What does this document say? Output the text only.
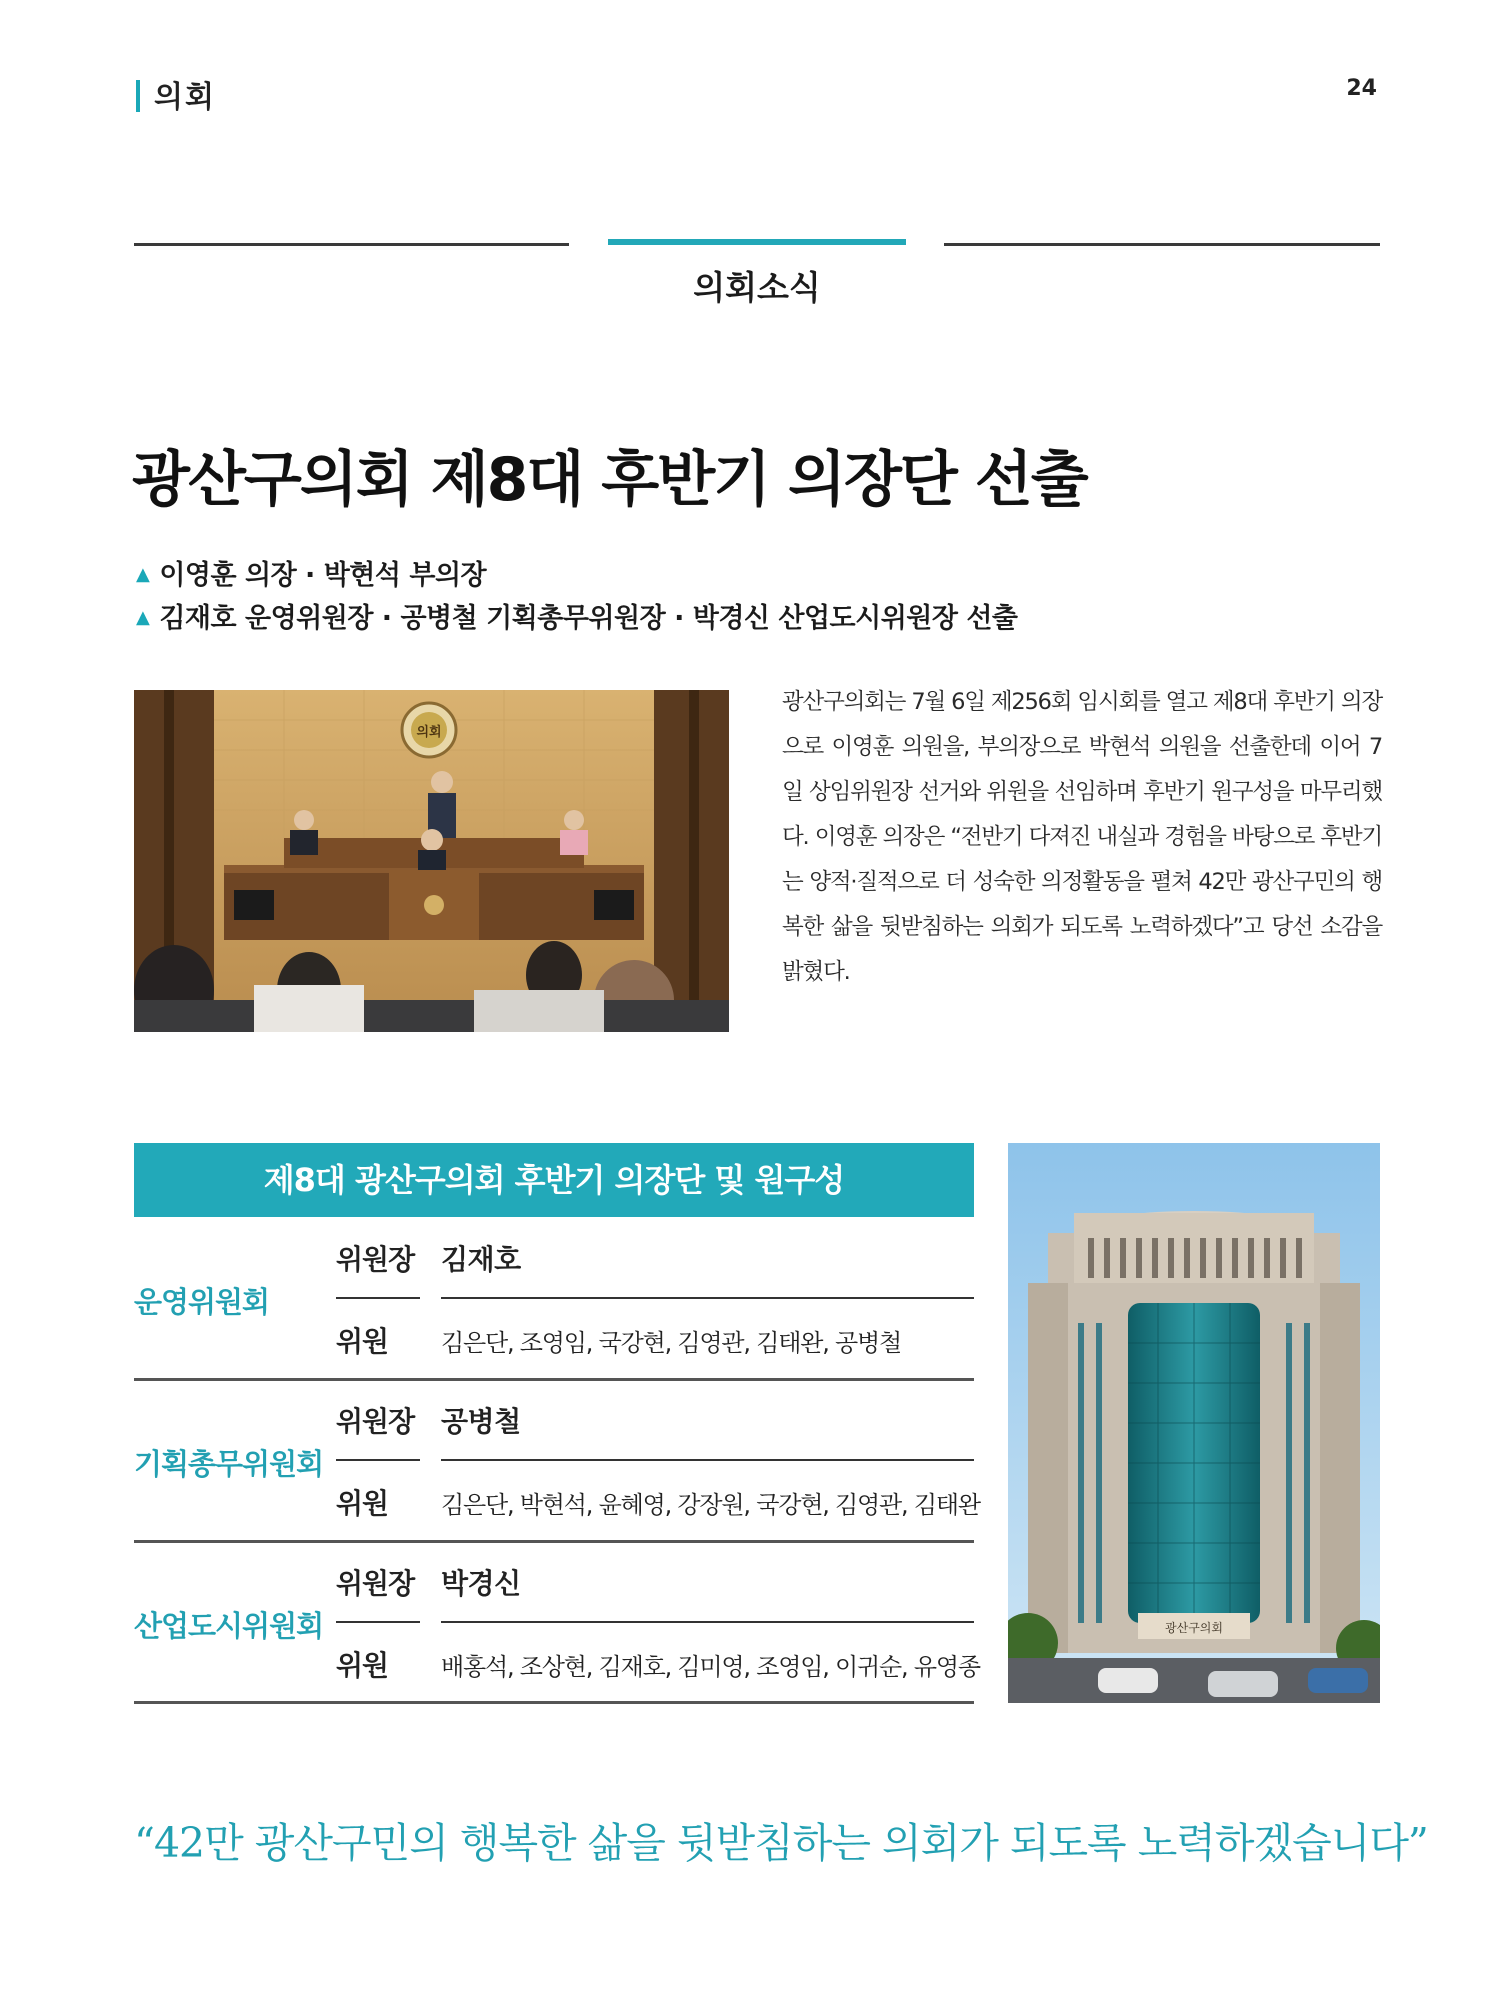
의회	24
의회소식
광산구의회 제8대 후반기 의장단 선출
▲ 이영훈 의장 · 박현석 부의장
▲ 김재호 운영위원장 · 공병철 기획총무위원장 · 박경신 산업도시위원장 선출
의회
광산구의회는 7월 6일 제256회 임시회를 열고 제8대 후반기 의장으로 이영훈 의원을, 부의장으로 박현석 의원을 선출한데 이어 7일 상임위원장 선거와 위원을 선임하며 후반기 원구성을 마무리했다. 이영훈 의장은 “전반기 다져진 내실과 경험을 바탕으로 후반기는 양적·질적으로 더 성숙한 의정활동을 펼쳐 42만 광산구민의 행복한 삶을 뒷받침하는 의회가 되도록 노력하겠다”고 당선 소감을 밝혔다.
제8대 광산구의회 후반기 의장단 및 원구성
운영위원회
위원장 김재호
위원 김은단, 조영임, 국강현, 김영관, 김태완, 공병철
기획총무위원회
위원장 공병철
위원 김은단, 박현석, 윤혜영, 강장원, 국강현, 김영관, 김태완
산업도시위원회
위원장 박경신
위원 배홍석, 조상현, 김재호, 김미영, 조영임, 이귀순, 유영종
광산구의회
“42만 광산구민의 행복한 삶을 뒷받침하는 의회가 되도록 노력하겠습니다”
